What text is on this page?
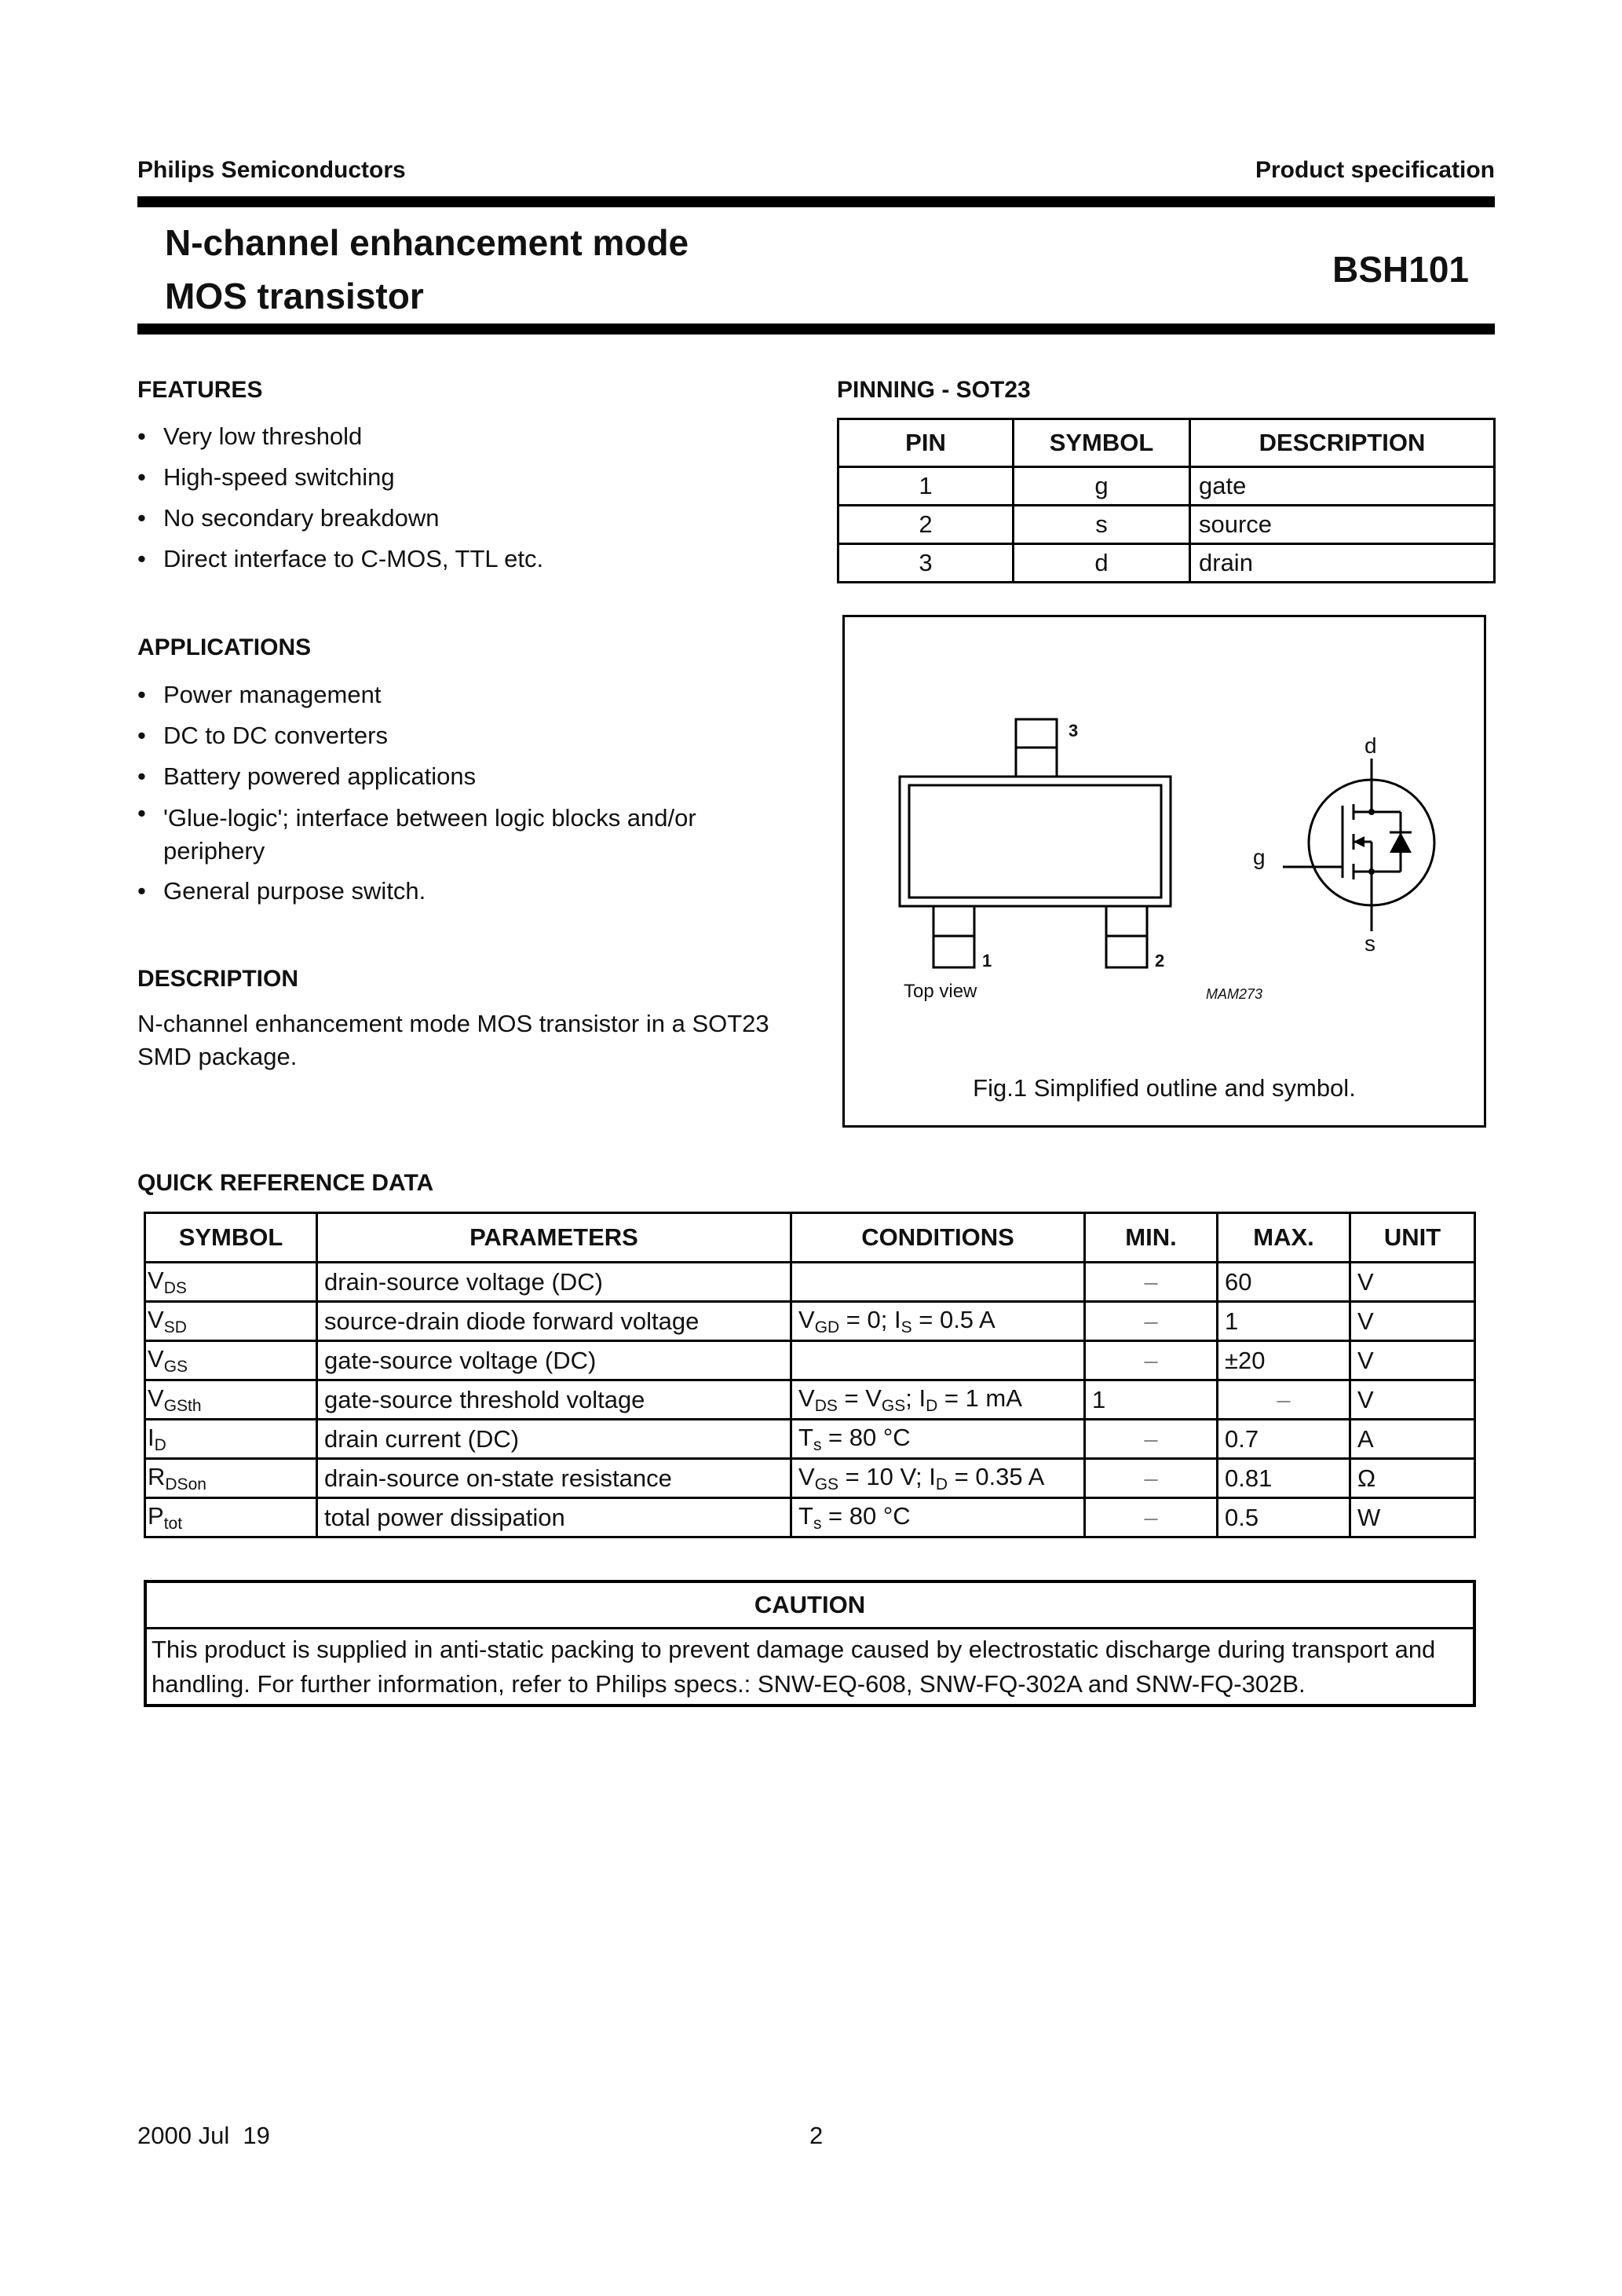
Philips Semiconductors	Product specification
N-channel enhancement mode
MOS transistor
BSH101
FEATURES
• Very low threshold
• High-speed switching
• No secondary breakdown
• Direct interface to C-MOS, TTL etc.
APPLICATIONS
• Power management
• DC to DC converters
• Battery powered applications
• 'Glue-logic'; interface between logic blocks and/or periphery
• General purpose switch.
DESCRIPTION
N-channel enhancement mode MOS transistor in a SOT23 SMD package.
PINNING - SOT23
PIN	SYMBOL	DESCRIPTION
1	g	gate
2	s	source
3	d	drain
3
1	2
Top view	MAM273
d
g
s
Fig.1 Simplified outline and symbol.
QUICK REFERENCE DATA
SYMBOL	PARAMETERS	CONDITIONS	MIN.	MAX.	UNIT
$V_{DS}$	drain-source voltage (DC)		–	60	V
$V_{SD}$	source-drain diode forward voltage	$V_{GD} = 0$; $I_S = 0.5$ A	–	1	V
$V_{GS}$	gate-source voltage (DC)		–	±20	V
$V_{GSth}$	gate-source threshold voltage	$V_{DS} = V_{GS}$; $I_D = 1$ mA	1	–	V
$I_D$	drain current (DC)	$T_s = 80$ °C	–	0.7	A
$R_{DSon}$	drain-source on-state resistance	$V_{GS} = 10$ V; $I_D = 0.35$ A	–	0.81	Ω
$P_{tot}$	total power dissipation	$T_s = 80$ °C	–	0.5	W
CAUTION
This product is supplied in anti-static packing to prevent damage caused by electrostatic discharge during transport and handling. For further information, refer to Philips specs.: SNW-EQ-608, SNW-FQ-302A and SNW-FQ-302B.
2000 Jul  19	2
